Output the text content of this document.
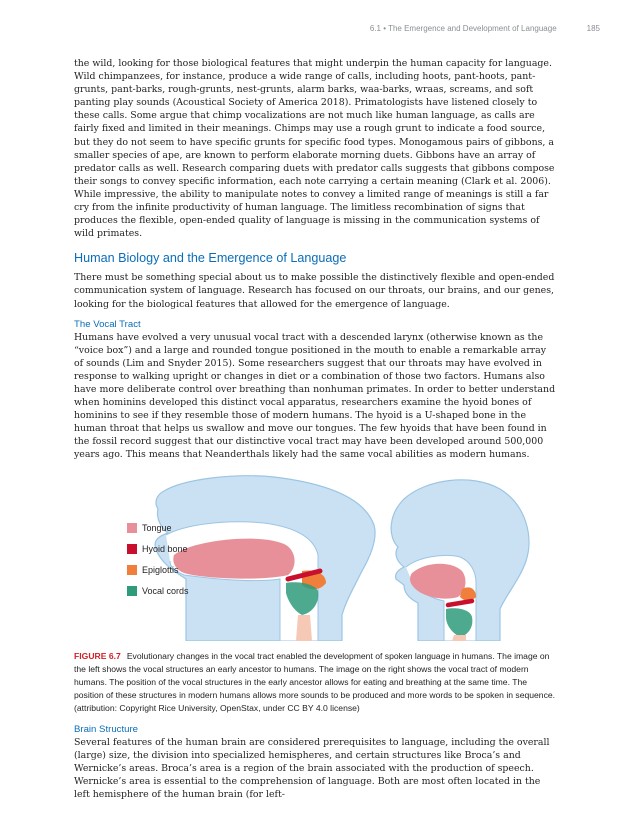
6.1 • The Emergence and Development of Language	185

the wild, looking for those biological features that might underpin the human capacity for language. Wild chimpanzees, for instance, produce a wide range of calls, including hoots, pant-hoots, pant-grunts, pant-barks, rough-grunts, nest-grunts, alarm barks, waa-barks, wraas, screams, and soft panting play sounds (Acoustical Society of America 2018). Primatologists have listened closely to these calls. Some argue that chimp vocalizations are not much like human language, as calls are fairly fixed and limited in their meanings. Chimps may use a rough grunt to indicate a food source, but they do not seem to have specific grunts for specific food types. Monogamous pairs of gibbons, a smaller species of ape, are known to perform elaborate morning duets. Gibbons have an array of predator calls as well. Research comparing duets with predator calls suggests that gibbons compose their songs to convey specific information, each note carrying a certain meaning (Clark et al. 2006). While impressive, the ability to manipulate notes to convey a limited range of meanings is still a far cry from the infinite productivity of human language. The limitless recombination of signs that produces the flexible, open-ended quality of language is missing in the communication systems of wild primates.

Human Biology and the Emergence of Language

There must be something special about us to make possible the distinctively flexible and open-ended communication system of language. Research has focused on our throats, our brains, and our genes, looking for the biological features that allowed for the emergence of language.

The Vocal Tract

Humans have evolved a very unusual vocal tract with a descended larynx (otherwise known as the “voice box”) and a large and rounded tongue positioned in the mouth to enable a remarkable array of sounds (Lim and Snyder 2015). Some researchers suggest that our throats may have evolved in response to walking upright or changes in diet or a combination of those two factors. Humans also have more deliberate control over breathing than nonhuman primates. In order to better understand when hominins developed this distinct vocal apparatus, researchers examine the hyoid bones of hominins to see if they resemble those of modern humans. The hyoid is a U-shaped bone in the human throat that helps us swallow and move our tongues. The few hyoids that have been found in the fossil record suggest that our distinctive vocal tract may have been developed around 500,000 years ago. This means that Neanderthals likely had the same vocal abilities as modern humans.

Tongue
Hyoid bone
Epiglottis
Vocal cords

FIGURE 6.7 Evolutionary changes in the vocal tract enabled the development of spoken language in humans. The image on the left shows the vocal structures an early ancestor to humans. The image on the right shows the vocal tract of modern humans. The position of the vocal structures in the early ancestor allows for eating and breathing at the same time. The position of these structures in modern humans allows more sounds to be produced and more words to be spoken in sequence. (attribution: Copyright Rice University, OpenStax, under CC BY 4.0 license)

Brain Structure

Several features of the human brain are considered prerequisites to language, including the overall (large) size, the division into specialized hemispheres, and certain structures like Broca’s and Wernicke’s areas. Broca’s area is a region of the brain associated with the production of speech. Wernicke’s area is essential to the comprehension of language. Both are most often located in the left hemisphere of the human brain (for left-
